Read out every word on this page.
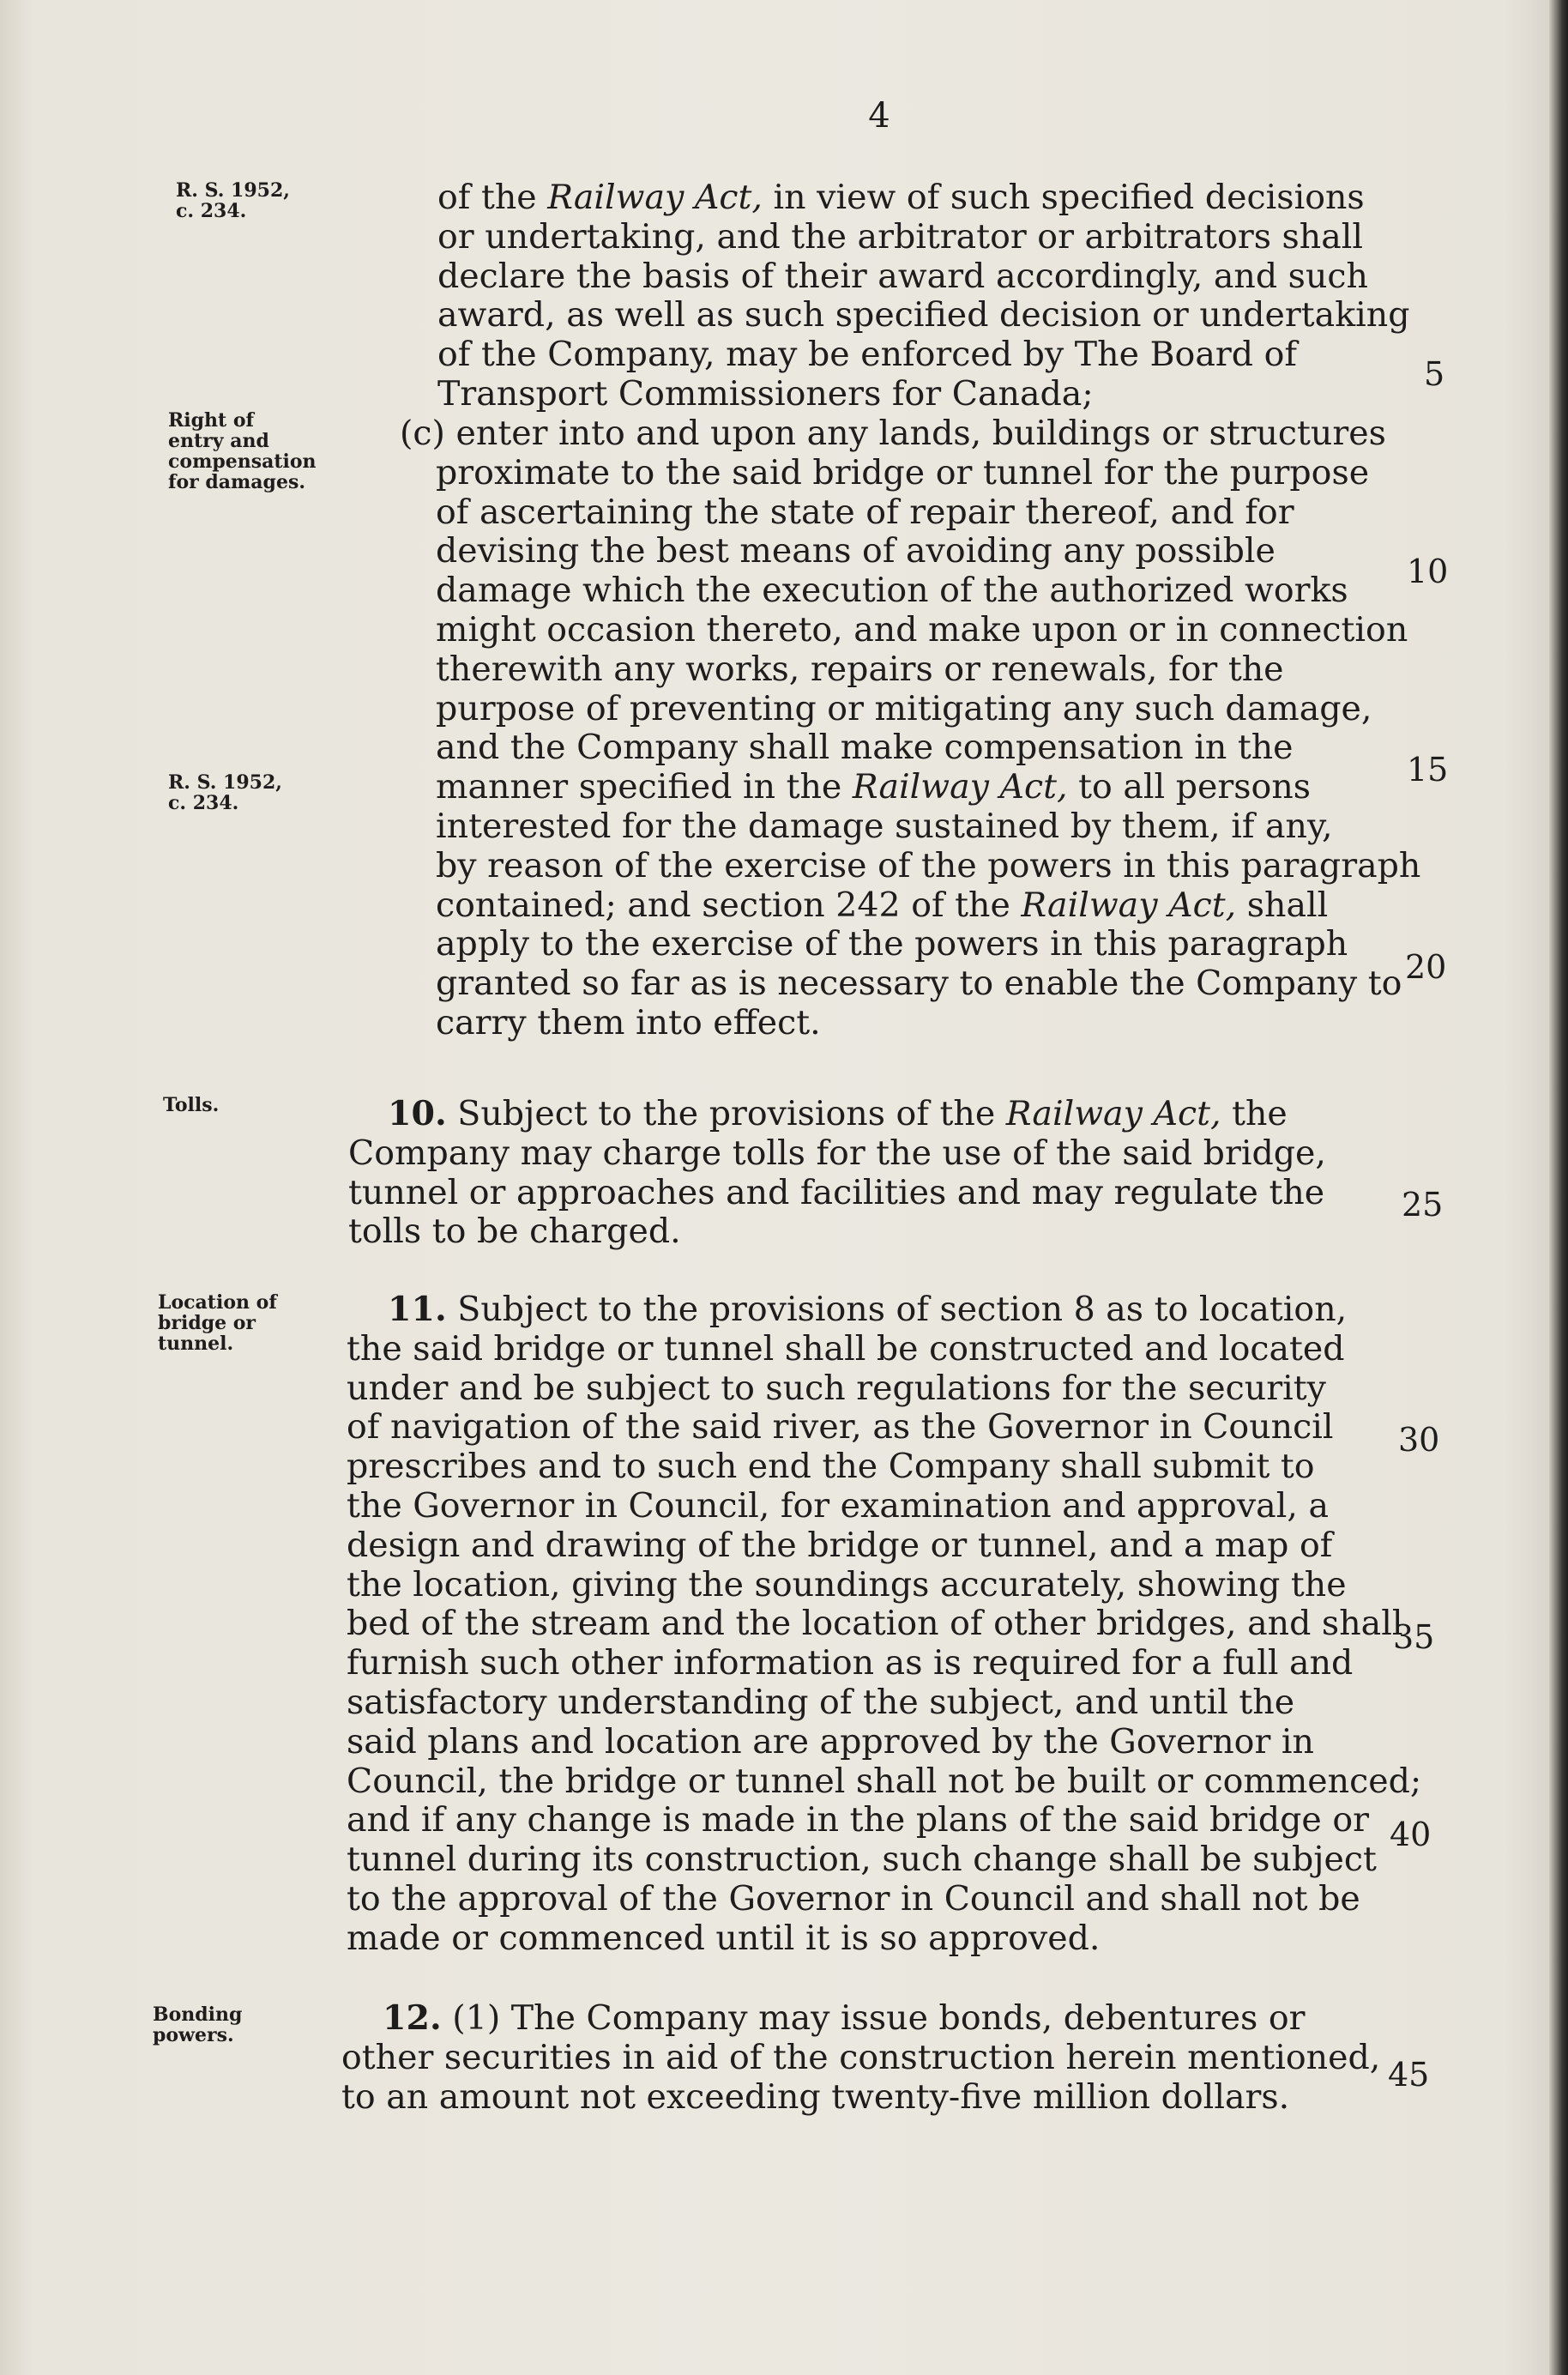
4
R. S. 1952,
c. 234.
Right of
entry and
compensation
for damages.
R. S. 1952,
c. 234.
Tolls.
Location of
bridge or
tunnel.
Bonding
powers.
of the Railway Act, in view of such specified decisions
or undertaking, and the arbitrator or arbitrators shall
declare the basis of their award accordingly, and such
award, as well as such specified decision or undertaking
of the Company, may be enforced by The Board of
Transport Commissioners for Canada;
(c) enter into and upon any lands, buildings or structures
proximate to the said bridge or tunnel for the purpose
of ascertaining the state of repair thereof, and for
devising the best means of avoiding any possible
damage which the execution of the authorized works
might occasion thereto, and make upon or in connection
therewith any works, repairs or renewals, for the
purpose of preventing or mitigating any such damage,
and the Company shall make compensation in the
manner specified in the Railway Act, to all persons
interested for the damage sustained by them, if any,
by reason of the exercise of the powers in this paragraph
contained; and section 242 of the Railway Act, shall
apply to the exercise of the powers in this paragraph
granted so far as is necessary to enable the Company to
carry them into effect.
10. Subject to the provisions of the Railway Act, the
Company may charge tolls for the use of the said bridge,
tunnel or approaches and facilities and may regulate the
tolls to be charged.
11. Subject to the provisions of section 8 as to location,
the said bridge or tunnel shall be constructed and located
under and be subject to such regulations for the security
of navigation of the said river, as the Governor in Council
prescribes and to such end the Company shall submit to
the Governor in Council, for examination and approval, a
design and drawing of the bridge or tunnel, and a map of
the location, giving the soundings accurately, showing the
bed of the stream and the location of other bridges, and shall
furnish such other information as is required for a full and
satisfactory understanding of the subject, and until the
said plans and location are approved by the Governor in
Council, the bridge or tunnel shall not be built or commenced;
and if any change is made in the plans of the said bridge or
tunnel during its construction, such change shall be subject
to the approval of the Governor in Council and shall not be
made or commenced until it is so approved.
12. (1) The Company may issue bonds, debentures or
other securities in aid of the construction herein mentioned,
to an amount not exceeding twenty-five million dollars.
5
10
15
20
25
30
35
40
45
